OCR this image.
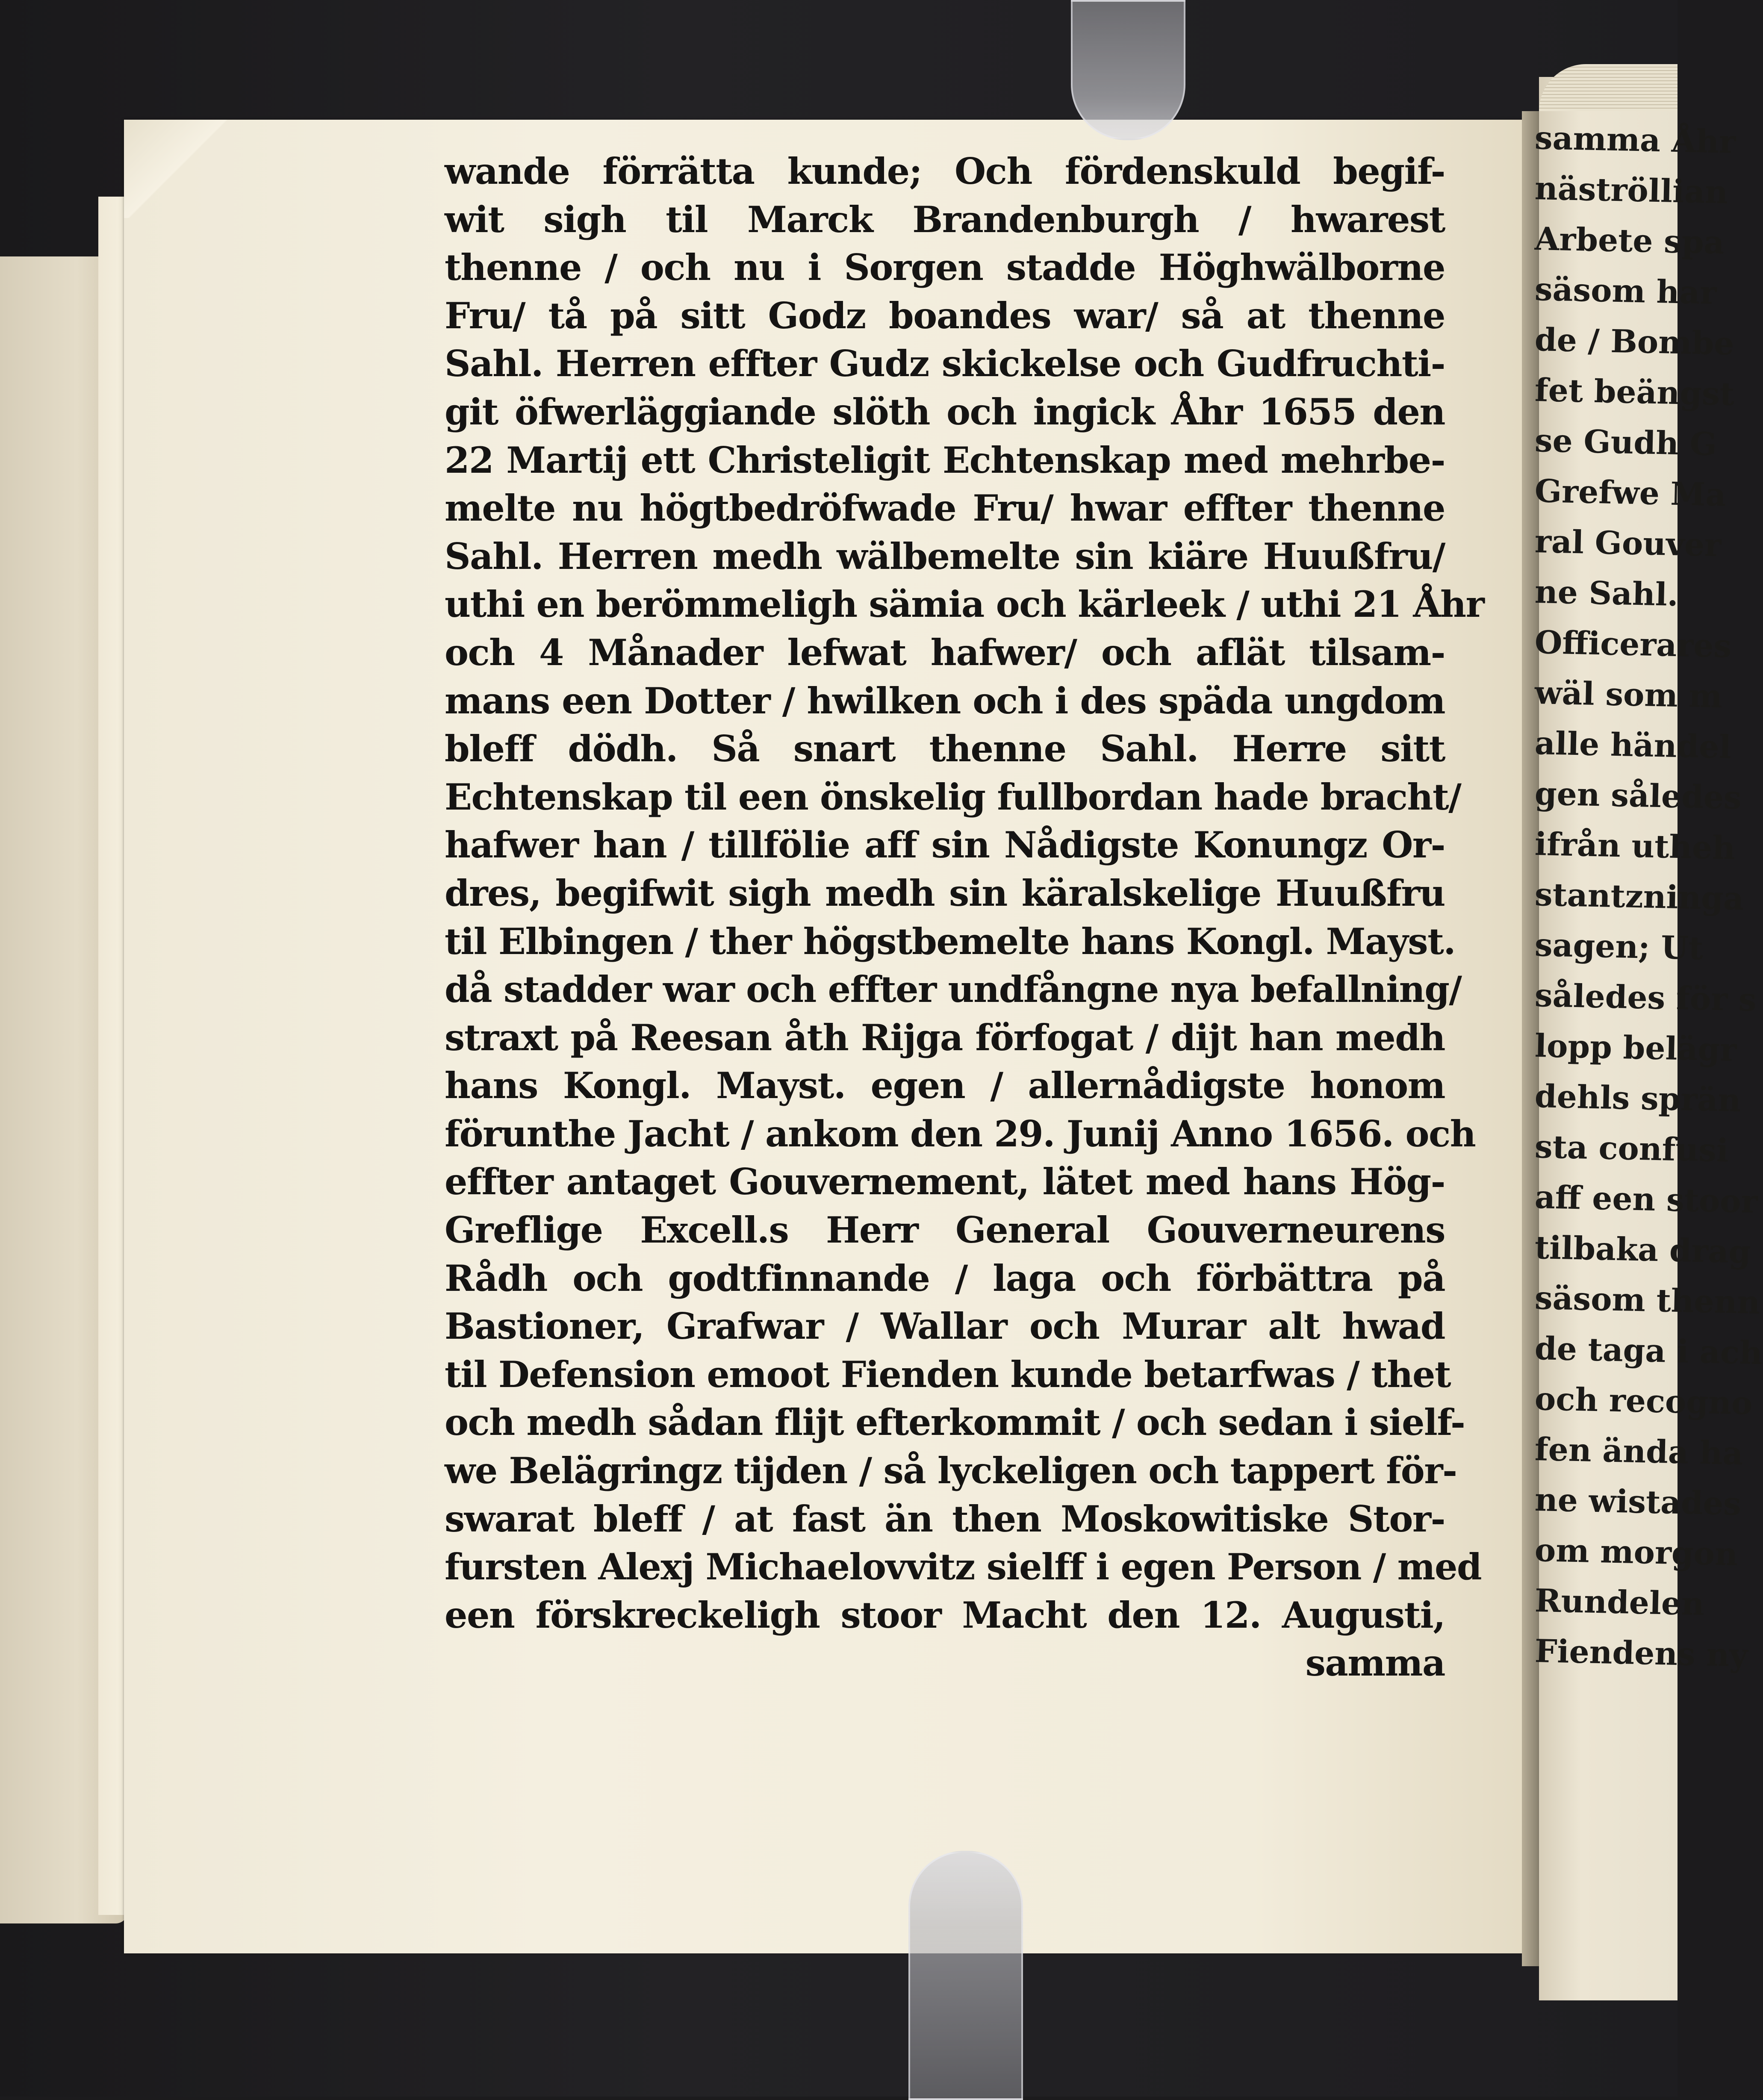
wande förrätta kunde; Och fördenskuld begif-
wit sigh til Marck Brandenburgh / hwarest
thenne / och nu i Sorgen stadde Höghwälborne
Fru/ tå på sitt Godz boandes war/ så at thenne
Sahl. Herren effter Gudz skickelse och Gudfruchti-
git öfwerläggiande slöth och ingick Åhr 1655 den
22 Martij ett Christeligit Echtenskap med mehrbe-
melte nu högtbedröfwade Fru/ hwar effter thenne
Sahl. Herren medh wälbemelte sin kiäre Huußfru/
uthi en berömmeligh sämia och kärleek / uthi 21 Åhr
och 4 Månader lefwat hafwer/ och aflät tilsam-
mans een Dotter / hwilken och i des späda ungdom
bleff dödh. Så snart thenne Sahl. Herre sitt
Echtenskap til een önskelig fullbordan hade bracht/
hafwer han / tillfölie aff sin Nådigste Konungz Or-
dres, begifwit sigh medh sin käralskelige Huußfru
til Elbingen / ther högstbemelte hans Kongl. Mayst.
då stadder war och effter undfångne nya befallning/
straxt på Reesan åth Rijga förfogat / dijt han medh
hans Kongl. Mayst. egen / allernådigste honom
förunthe Jacht / ankom den 29. Junij Anno 1656. och
effter antaget Gouvernement, lätet med hans Hög-
Greflige Excell.s Herr General Gouverneurens
Rådh och godtfinnande / laga och förbättra på
Bastioner, Grafwar / Wallar och Murar alt hwad
til Defension emoot Fienden kunde betarfwas / thet
och medh sådan flijt efterkommit / och sedan i sielf-
we Belägringz tijden / så lyckeligen och tappert för-
swarat bleff / at fast än then Moskowitiske Stor-
fursten Alexj Michaelovvitz sielff i egen Person / med
een förskreckeligh stoor Macht den 12. Augusti,
samma
samma Åhr
näströllian
Arbete spa
säsom har
de / Bombe
fet beängst
se Gudh G
Grefwe Ma
ral Gouver
ne Sahl.
Officerares
wäl som m
alle händel
gen således
ifrån utheh
stantzninga
sagen; Ut
således för s
lopp belägr
dehls sprän
sta confusi
aff een stoor
tilbaka drag
säsom thenn
de taga i ach
och recogno
fen ända ha
ne wistades
om morgon
Rundelen
Fiendens ny
